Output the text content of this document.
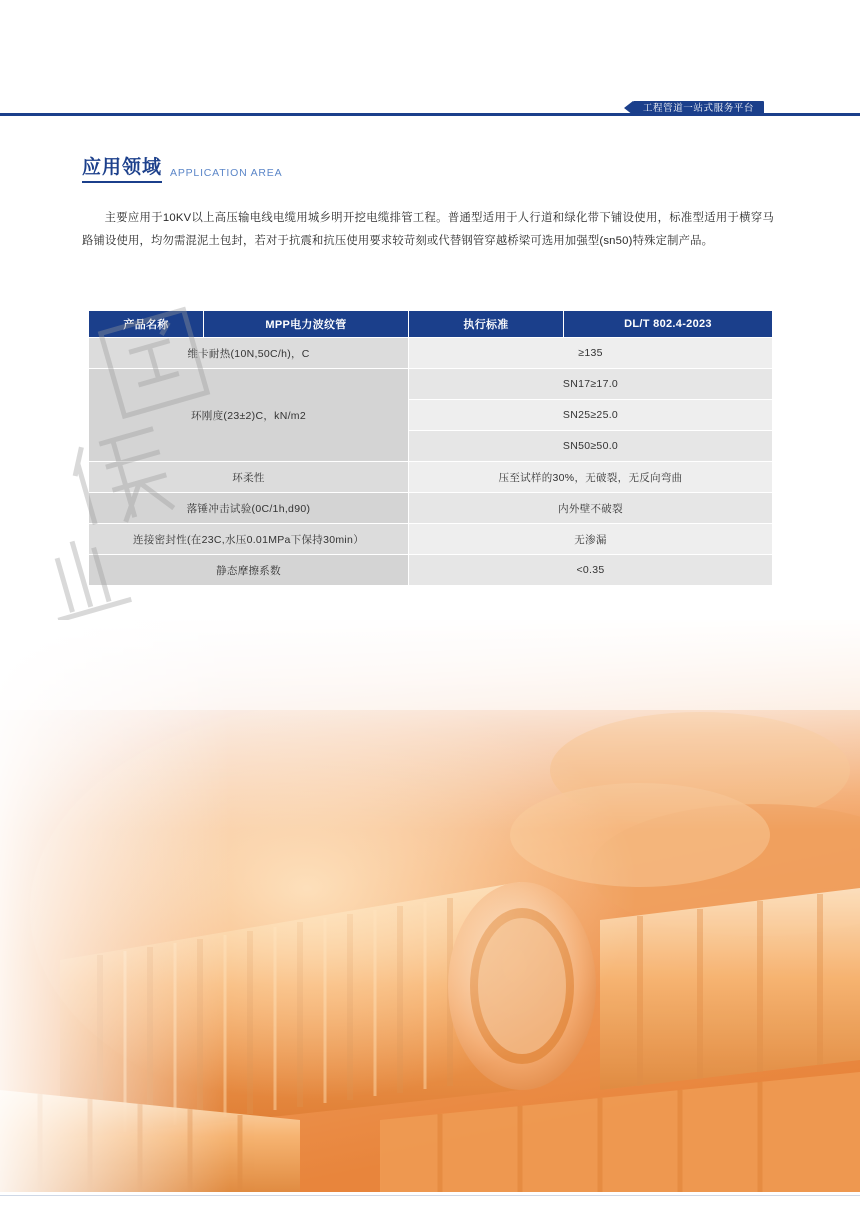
工程管道一站式服务平台
应用领域 APPLICATION AREA

主要应用于10KV以上高压输电线电缆用城乡明开挖电缆排管工程。普通型适用于人行道和绿化带下铺设使用，标准型适用于横穿马路铺设使用，均勿需混泥土包封，若对于抗震和抗压使用要求较苛刻或代替钢管穿越桥梁可选用加强型(sn50)特殊定制产品。

产品名称	MPP电力波纹管	执行标准	DL/T 802.4-2023
维卡耐热(10N,50C/h)，C		≥135	
环刚度(23±2)C，kN/m2		SN17≥17.0	
		SN25≥25.0	
		SN50≥50.0	
环柔性		压至试样的30%，无破裂，无反向弯曲	
落锤冲击试验(0C/1h,d90)		内外壁不破裂	
连接密封性(在23C,水压0.01MPa下保持30min）		无渗漏	
静态摩擦系数		<0.35	
